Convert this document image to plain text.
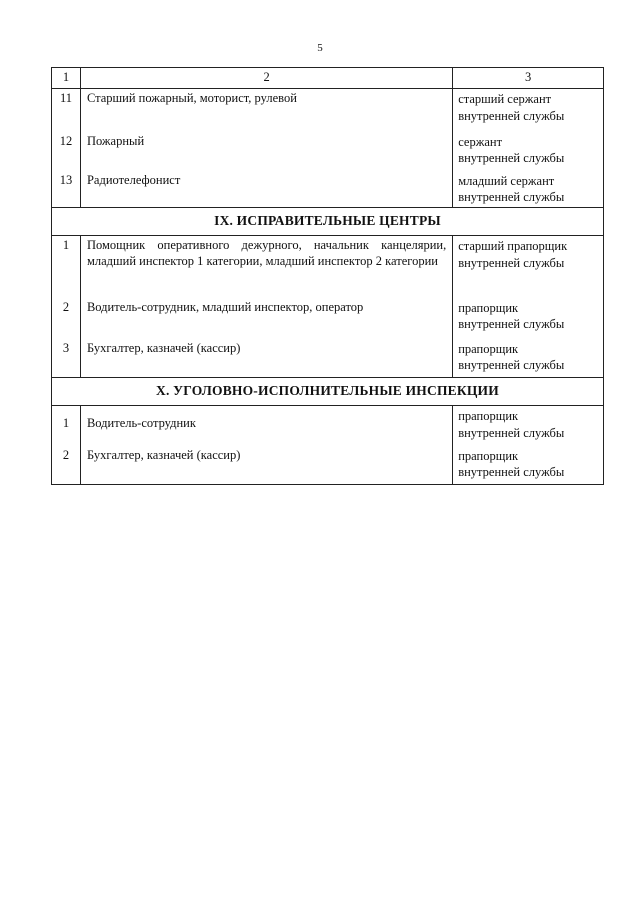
5
1	2	3
11	Старший пожарный, моторист, рулевой	старший сержант
внутренней службы
12	Пожарный	сержант
внутренней службы
13	Радиотелефонист	младший сержант
внутренней службы
IX. ИСПРАВИТЕЛЬНЫЕ ЦЕНТРЫ		
1	Помощник оперативного дежурного, начальник канцелярии, младший инспектор 1 категории, младший инспектор 2 категории	старший прапорщик
внутренней службы
2	Водитель-сотрудник, младший инспектор, оператор	прапорщик
внутренней службы
3	Бухгалтер, казначей (кассир)	прапорщик
внутренней службы
X. УГОЛОВНО-ИСПОЛНИТЕЛЬНЫЕ ИНСПЕКЦИИ		
1	Водитель-сотрудник	прапорщик
внутренней службы
2	Бухгалтер, казначей (кассир)	прапорщик
внутренней службы
